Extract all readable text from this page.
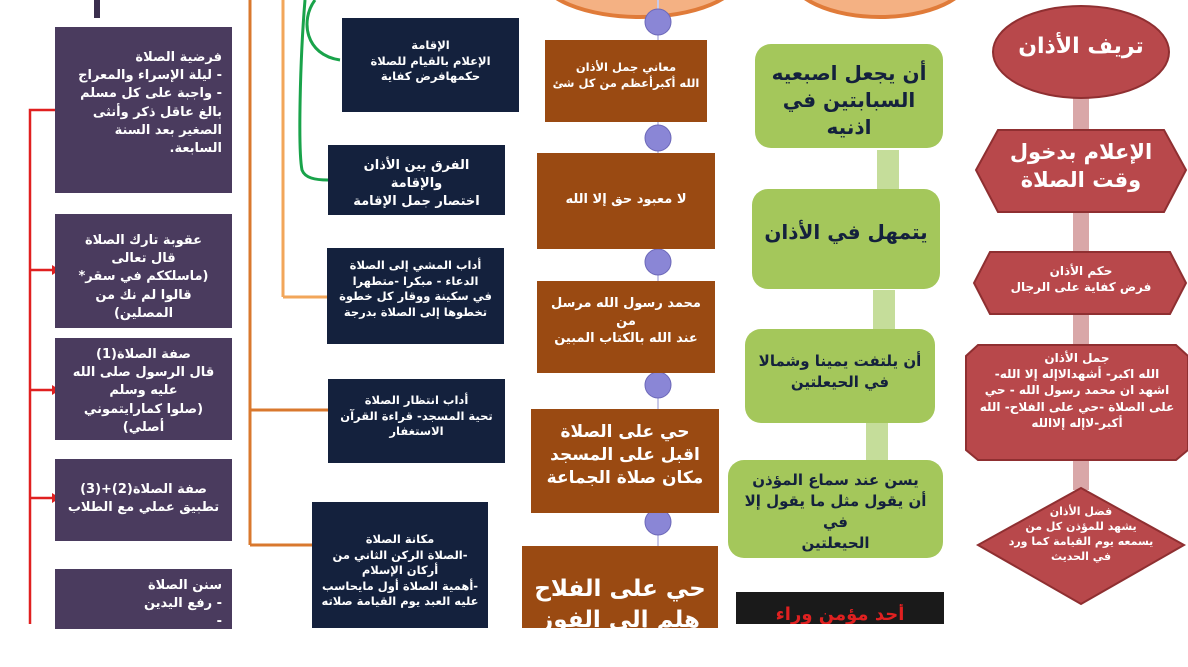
فرضية الصلاة
- ليلة الإسراء والمعراج
- واجبة على كل مسلم بالغ عاقل ذكر وأنثى
الصغير بعد السنة السابعة.
عقوبة تارك الصلاة
قال تعالى
(ماسلككم في سقر* قالوا لم نك من المصلين)
صفة الصلاة(1)
قال الرسول صلى الله عليه وسلم
(صلوا كمارايتموني أصلي)
صفة الصلاة(2)+(3)
تطبيق عملي مع الطلاب
سنن الصلاة
- رفع اليدين
-
الإقامة
الإعلام بالقيام للصلاة
حكمهافرض كفاية
الفرق بين الأذان والإقامة
اختصار جمل الإقامة
أداب المشي إلى الصلاة
الدعاء - مبكرا -متطهرا
في سكينة ووقار كل خطوة تخطوها إلى الصلاة بدرجة
أداب انتظار الصلاة
تحية المسجد- قراءة القرآن
الاستغفار
مكانة الصلاة
-الصلاة الركن الثاني من أركان الإسلام
-أهمية الصلاة أول مايحاسب عليه العبد يوم القيامة صلاته
معاني جمل الأذان
الله أكبرأعظم من كل شئ
لا معبود حق إلا الله
محمد رسول الله مرسل من
عند الله بالكتاب المبين
حي على الصلاة
اقبل على المسجد
مكان صلاة الجماعة
حي على الفلاح
هلم إلى الفوز بالجنة
أن يجعل اصبعيه
السبابتين في اذنيه
يتمهل في الأذان
أن يلتفت يمينا وشمالا
في الحيعلتين
يسن عند سماع المؤذن
أن يقول مثل ما يقول إلا في
الحيعلتين
تريف الأذان
الإعلام بدخول
وقت الصلاة
حكم الأذان
فرض كفاية على الرجال
جمل الأذان
الله اكبر- أشهدالاإله إلا الله- اشهد ان محمد رسول الله - حي على الصلاة -حي على الفلاح- الله أكبر-لاإله إلاالله
فضل الأذان
يشهد للمؤذن كل من يسمعه يوم القيامة كما ورد في الحديث
أحد مؤمن وراء
